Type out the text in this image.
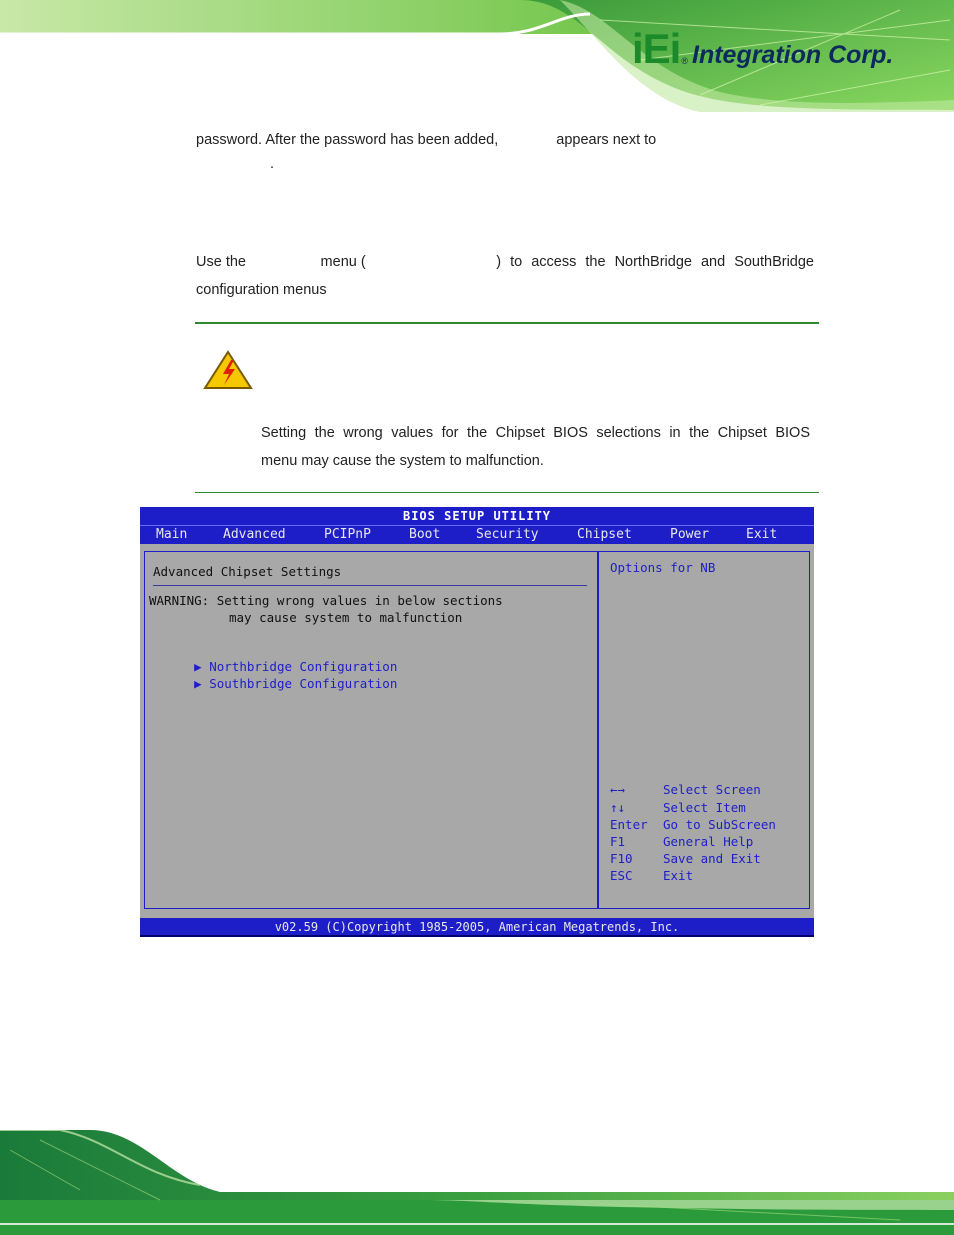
iEi ® Integration Corp.
password. After the password has been added,	appears next to
.
Use the	menu (	) to access the NorthBridge and SouthBridge
configuration menus
Setting the wrong values for the Chipset BIOS selections in the Chipset BIOS
menu may cause the system to malfunction.
BIOS SETUP UTILITY
Main	Advanced	PCIPnP	Boot	Security	Chipset	Power	Exit
Advanced Chipset Settings
WARNING: Setting wrong values in below sections
may cause system to malfunction

▶ Northbridge Configuration

▶ Southbridge Configuration

Options for NB
←→	Select Screen
↑↓	Select Item
Enter Go to SubScreen
F1	General Help
F10 Save and Exit
ESC Exit
v02.59 (C)Copyright 1985-2005, American Megatrends, Inc.
